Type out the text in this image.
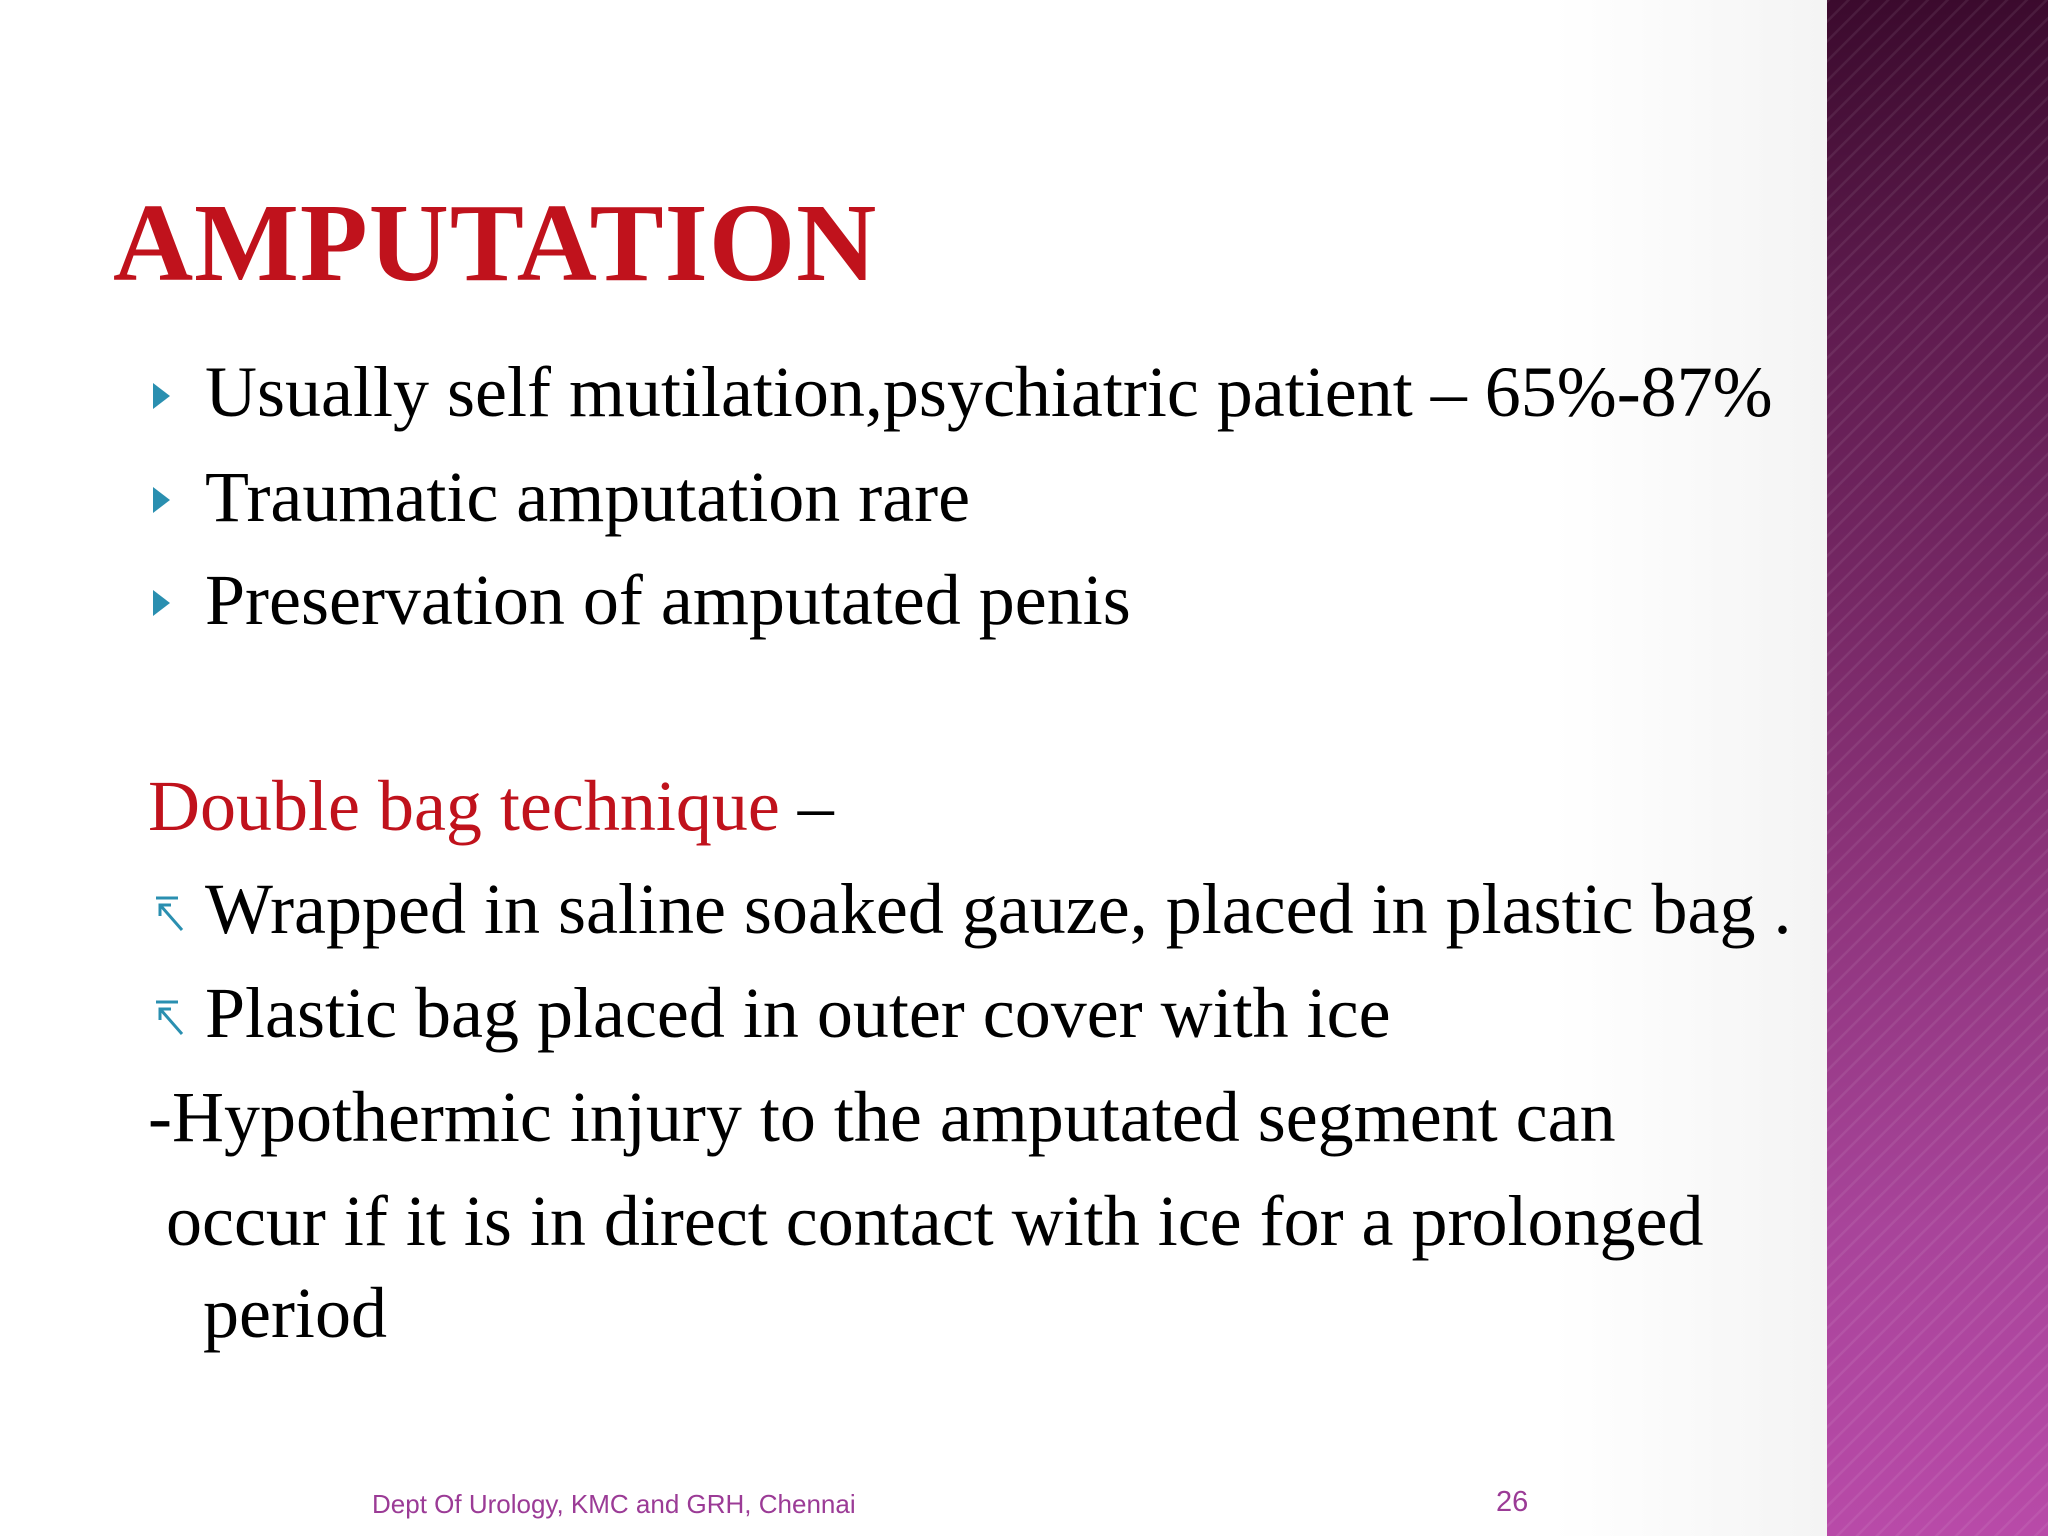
AMPUTATION
Usually self mutilation,psychiatric patient – 65%-87%
Traumatic amputation rare
Preservation of amputated penis
Double bag technique –
Wrapped in saline soaked gauze, placed in plastic bag .
Plastic bag placed in outer cover with ice
-Hypothermic injury to the amputated segment can
occur if it is in direct contact with ice for a prolonged
period
Dept Of Urology, KMC and GRH, Chennai	26
